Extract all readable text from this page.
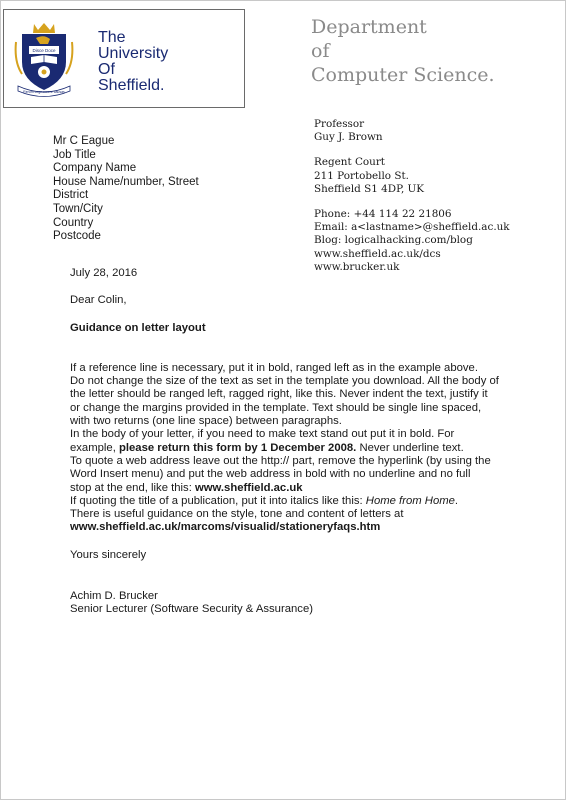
Disce Doce
Rerum cognoscere causas
The
University
Of
Sheffield.
Department
of
Computer Science.
Mr C Eague
Job Title
Company Name
House Name/number, Street
District
Town/City
Country
Postcode
Professor
Guy J. Brown
Regent Court
211 Portobello St.
Sheffield S1 4DP, UK
Phone: +44 114 22 21806
Email: a<lastname>@sheffield.ac.uk
Blog: logicalhacking.com/blog
www.sheffield.ac.uk/dcs
www.brucker.uk
July 28, 2016
Dear Colin,
Guidance on letter layout
If a reference line is necessary, put it in bold, ranged left as in the example above.
Do not change the size of the text as set in the template you download. All the body of
the letter should be ranged left, ragged right, like this. Never indent the text, justify it
or change the margins provided in the template. Text should be single line spaced,
with two returns (one line space) between paragraphs.
In the body of your letter, if you need to make text stand out put it in bold. For
example, please return this form by 1 December 2008. Never underline text.
To quote a web address leave out the http:// part, remove the hyperlink (by using the
Word Insert menu) and put the web address in bold with no underline and no full
stop at the end, like this: www.sheffield.ac.uk
If quoting the title of a publication, put it into italics like this: Home from Home.
There is useful guidance on the style, tone and content of letters at
www.sheffield.ac.uk/marcoms/visualid/stationeryfaqs.htm
Yours sincerely
Achim D. Brucker
Senior Lecturer (Software Security & Assurance)
